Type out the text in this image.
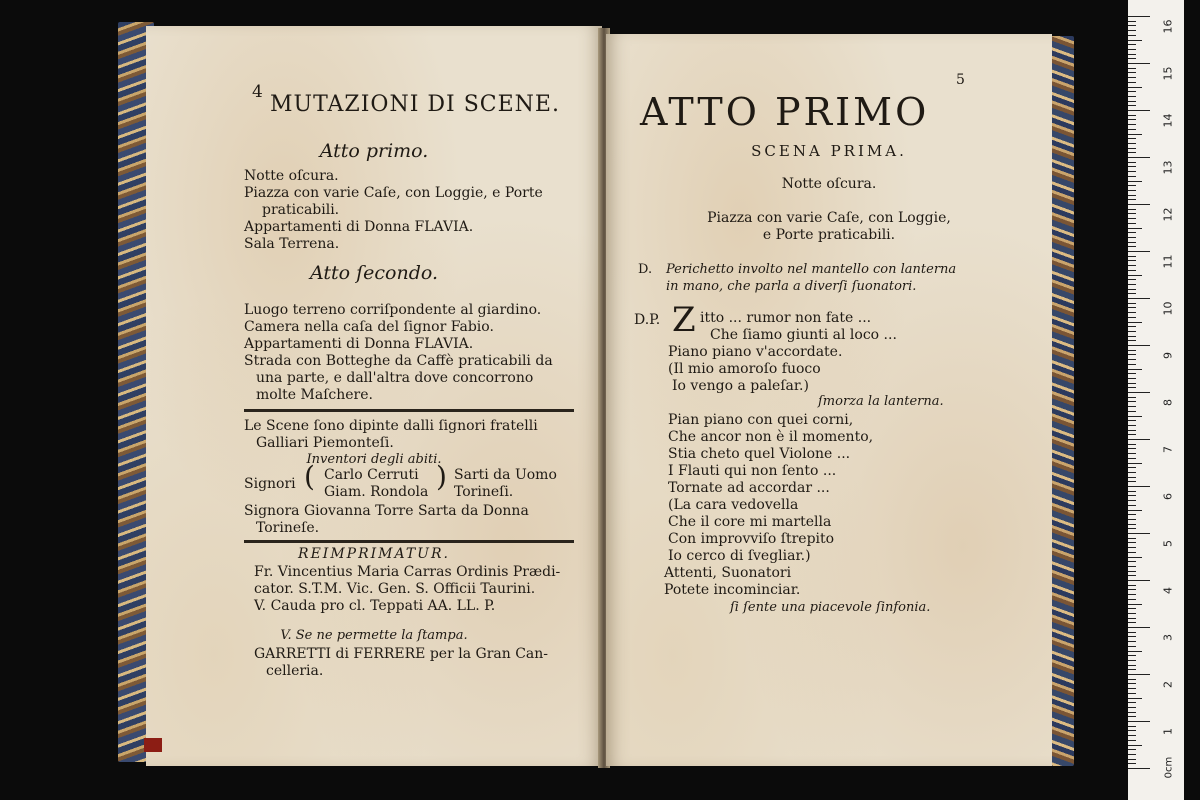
4 MUTAZIONI DI SCENE.
Atto primo.
Notte oſcura.
Piazza con varie Caſe, con Loggie, e Porte
praticabili.
Appartamenti di Donna FLAVIA.
Sala Terrena.
Atto ſecondo.
Luogo terreno corriſpondente al giardino.
Camera nella caſa del ſignor Fabio.
Appartamenti di Donna FLAVIA.
Strada con Botteghe da Caffè praticabili da
una parte, e dall'altra dove concorrono
molte Maſchere.
Le Scene ſono dipinte dalli ſignori fratelli
Galliari Piemonteſi.
Inventori degli abiti.
Signori ( Carlo Cerruti
Giam. Rondola ) Sarti da Uomo
Torineſi.
Signora Giovanna Torre Sarta da Donna
Torineſe.
REIMPRIMATUR.
Fr. Vincentius Maria Carras Ordinis Prædi-
cator. S.T.M. Vic. Gen. S. Officii Taurini.
V. Cauda pro cl. Teppati AA. LL. P.
V. Se ne permette la ſtampa.
GARRETTI di FERRERE per la Gran Can-
celleria.
5
ATTO PRIMO
SCENA PRIMA.
Notte oſcura.
Piazza con varie Caſe, con Loggie,
e Porte praticabili.
D. Perichetto involto nel mantello con lanterna
in mano, che parla a diverſi ſuonatori.
D.P. Z itto ... rumor non fate ...
Che ſiamo giunti al loco ...
Piano piano v'accordate.
(Il mio amoroſo fuoco
Io vengo a paleſar.)
ſmorza la lanterna.
Pian piano con quei corni,
Che ancor non è il momento,
Stia cheto quel Violone ...
I Flauti qui non ſento ...
Tornate ad accordar ...
(La cara vedovella
Che il core mi martella
Con improvviſo ſtrepito
Io cerco di ſvegliar.)
Attenti, Suonatori
Potete incominciar.
ſi ſente una piacevole ſinfonia.
0cm
1
2
3
4
5
6
7
8
9
10
11
12
13
14
15
16
